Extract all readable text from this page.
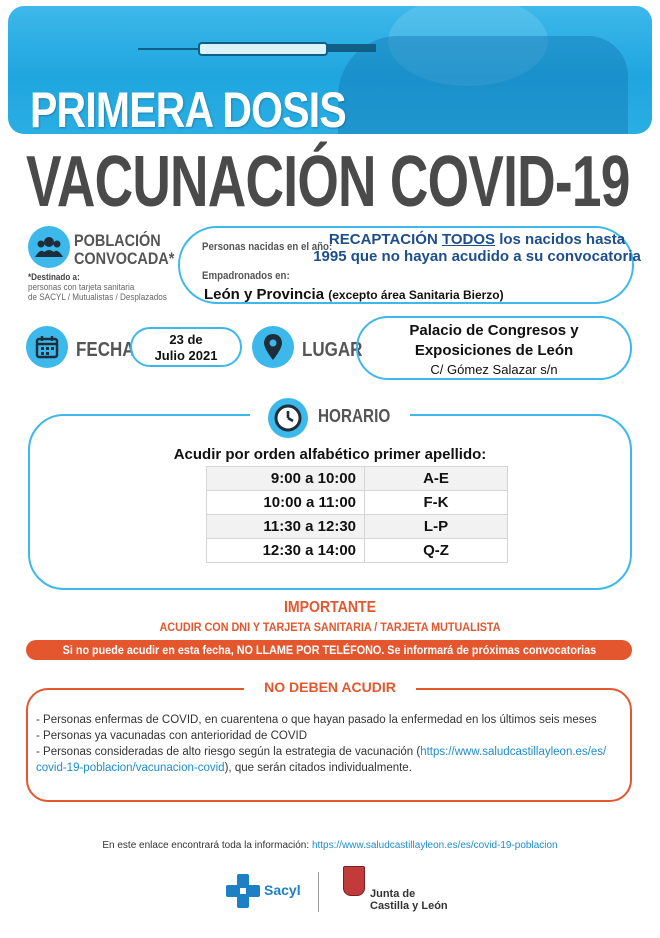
PRIMERA DOSIS
VACUNACIÓN COVID-19
POBLACIÓN
CONVOCADA*
*Destinado a:
personas con tarjeta sanitaria
de SACYL / Mutualistas / Desplazados
Personas nacidas en el año:
Empadronados en:
RECAPTACIÓN TODOS los nacidos hasta 1995 que no hayan acudido a su convocatoria
León y Provincia (excepto área Sanitaria Bierzo)
FECHA	23 de
Julio 2021	LUGAR
Palacio de Congresos y
Exposiciones de León
C/ Gómez Salazar s/n
HORARIO
Acudir por orden alfabético primer apellido:
9:00 a 10:00	A-E
10:00 a 11:00	F-K
11:30 a 12:30	L-P
12:30 a 14:00	Q-Z
IMPORTANTE
ACUDIR CON DNI Y TARJETA SANITARIA / TARJETA MUTUALISTA
Si no puede acudir en esta fecha, NO LLAME POR TELÉFONO. Se informará de próximas convocatorias
NO DEBEN ACUDIR
- Personas enfermas de COVID, en cuarentena o que hayan pasado la enfermedad en los últimos seis meses
- Personas ya vacunadas con anterioridad de COVID
- Personas consideradas de alto riesgo según la estrategia de vacunación (https://www.saludcastillayleon.es/es/
covid-19-poblacion/vacunacion-covid), que serán citados individualmente.
En este enlace encontrará toda la información: https://www.saludcastillayleon.es/es/covid-19-poblacion
Sacyl	Junta de
Castilla y León
